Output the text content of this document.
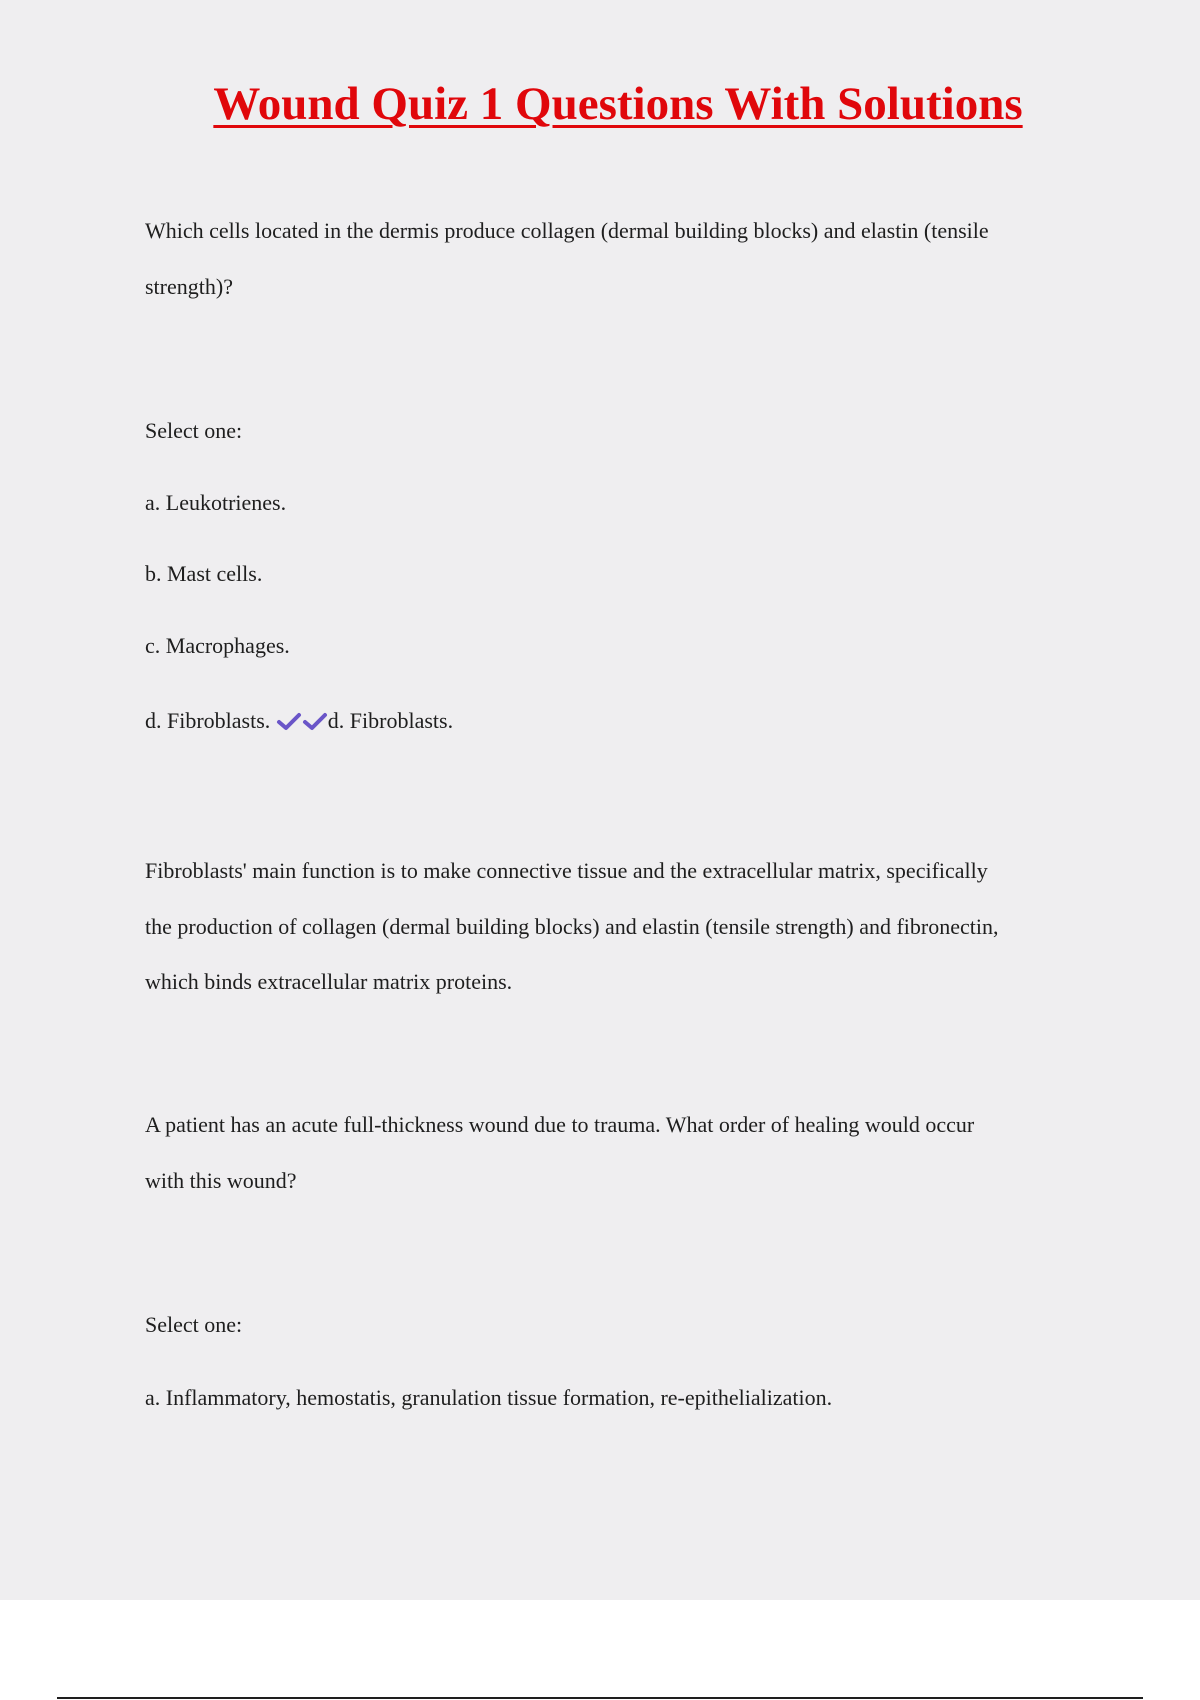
Wound Quiz 1 Questions With Solutions

Which cells located in the dermis produce collagen (dermal building blocks) and elastin (tensile

strength)?

Select one:

a. Leukotrienes.

b. Mast cells.

c. Macrophages.

d. Fibroblasts.	d. Fibroblasts.

Fibroblasts' main function is to make connective tissue and the extracellular matrix, specifically

the production of collagen (dermal building blocks) and elastin (tensile strength) and fibronectin,

which binds extracellular matrix proteins.

A patient has an acute full-thickness wound due to trauma. What order of healing would occur

with this wound?

Select one:

a. Inflammatory, hemostatis, granulation tissue formation, re-epithelialization.
